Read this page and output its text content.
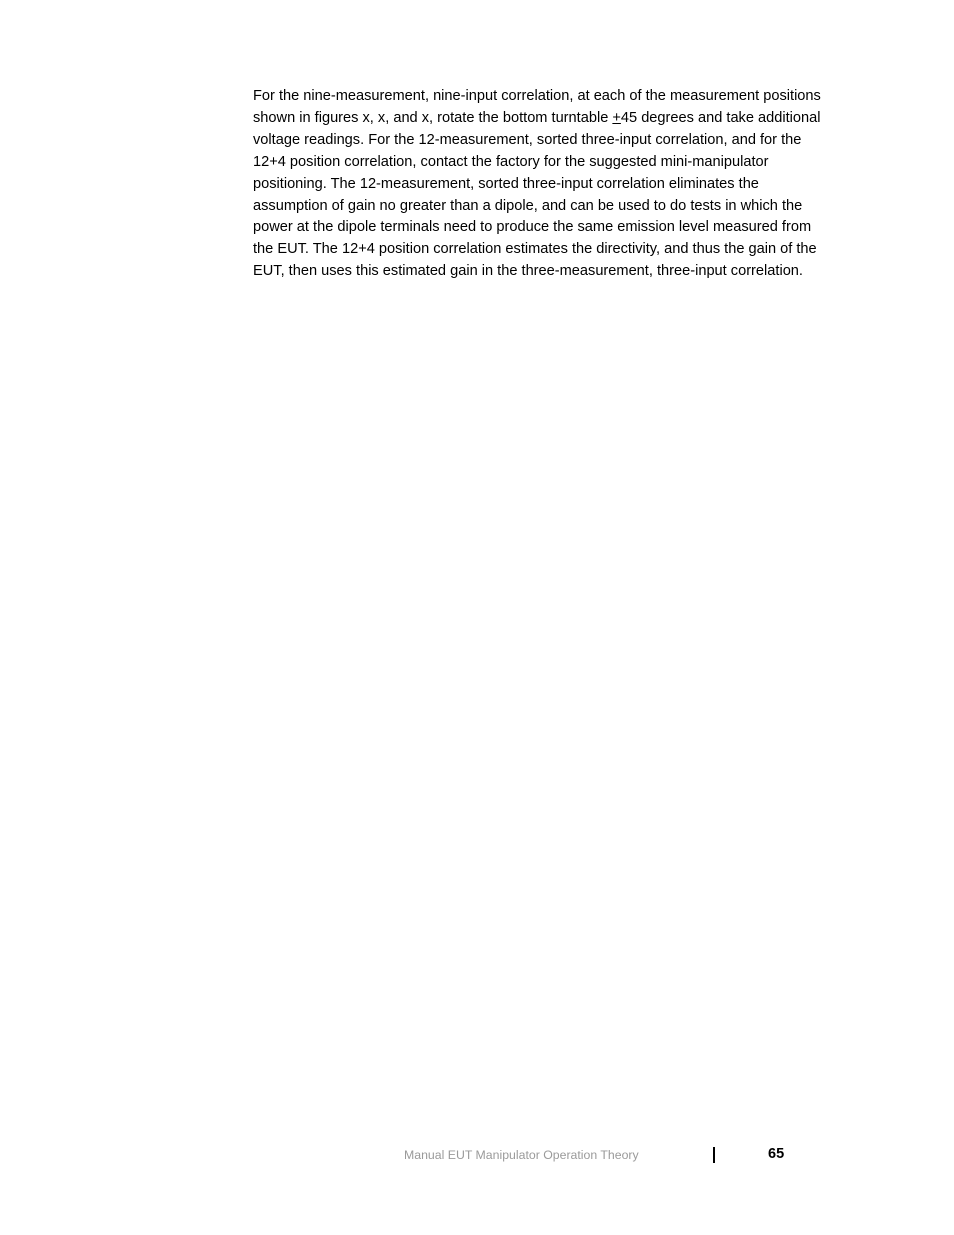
For the nine-measurement, nine-input correlation, at each of the measurement positions shown in figures x, x, and x, rotate the bottom turntable +45 degrees and take additional voltage readings. For the 12-measurement, sorted three-input correlation, and for the 12+4 position correlation, contact the factory for the suggested mini-manipulator positioning. The 12-measurement, sorted three-input correlation eliminates the assumption of gain no greater than a dipole, and can be used to do tests in which the power at the dipole terminals need to produce the same emission level measured from the EUT. The 12+4 position correlation estimates the directivity, and thus the gain of the EUT, then uses this estimated gain in the three-measurement, three-input correlation.

Manual EUT Manipulator Operation Theory	65
